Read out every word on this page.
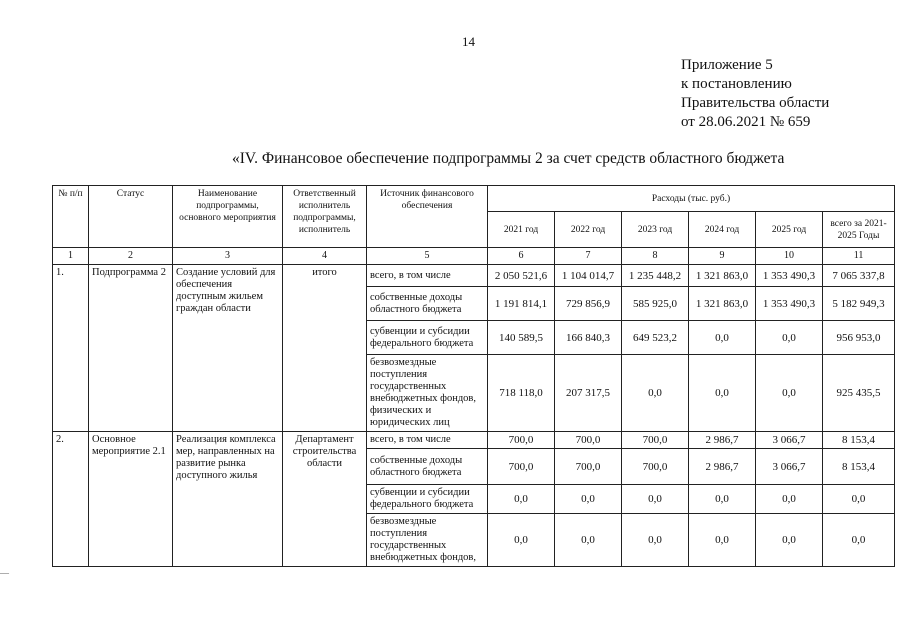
14
Приложение 5
к постановлению
Правительства области
от 28.06.2021 № 659
«IV. Финансовое обеспечение подпрограммы 2 за счет средств областного бюджета
—
№ п/п	Статус	Наименование подпрограммы, основного мероприятия	Ответственный исполнитель подпрограммы, исполнитель	Источник финансового обеспечения	Расходы (тыс. руб.)					
					2021 год	2022 год	2023 год	2024 год	2025 год	всего за 2021-2025 Годы
1	2	3	4	5	6	7	8	9	10	11
1.	Подпрограмма 2	Создание условий для обеспечения доступным жильем граждан области	итого	всего, в том числе	2 050 521,6	1 104 014,7	1 235 448,2	1 321 863,0	1 353 490,3	7 065 337,8
				собственные доходы областного бюджета	1 191 814,1	729 856,9	585 925,0	1 321 863,0	1 353 490,3	5 182 949,3
				субвенции и субсидии федерального бюджета	140 589,5	166 840,3	649 523,2	0,0	0,0	956 953,0
				безвозмездные поступления государственных внебюджетных фондов, физических и юридических лиц	718 118,0	207 317,5	0,0	0,0	0,0	925 435,5
2.	Основное мероприятие 2.1	Реализация комплекса мер, направленных на развитие рынка доступного жилья	Департамент строительства области	всего, в том числе	700,0	700,0	700,0	2 986,7	3 066,7	8 153,4
				собственные доходы областного бюджета	700,0	700,0	700,0	2 986,7	3 066,7	8 153,4
				субвенции и субсидии федерального бюджета	0,0	0,0	0,0	0,0	0,0	0,0
				безвозмездные поступления государственных внебюджетных фондов,	0,0	0,0	0,0	0,0	0,0	0,0
